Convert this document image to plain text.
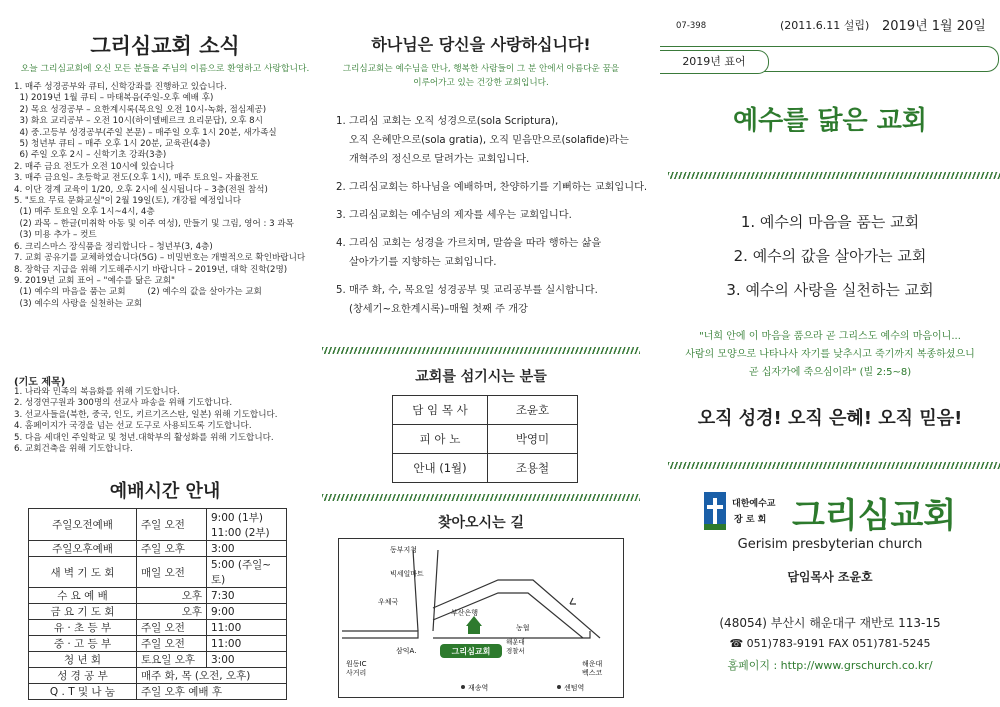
그리심교회 소식
오늘 그리심교회에 오신 모든 분들을 주님의 이름으로 환영하고 사랑합니다.
1. 매주 성경공부와 큐티, 신학강좌를 진행하고 있습니다.
1) 2019년 1월 큐티 – 마태복음(주일-오후 예배 후)
2) 목요 성경공부 – 요한계시록(목요일 오전 10시-녹화, 점심제공)
3) 화요 교리공부 – 오전 10시(하이델베르크 요리문답), 오후 8시
4) 중.고등부 성경공부(주일 본문) – 매주일 오후 1시 20분, 새가족실
5) 청년부 큐티 – 매주 오후 1시 20분, 교육관(4층)
6) 주일 오후 2시 – 신학기초 강좌(3층)
2. 매주 금요 전도가 오전 10시에 있습니다
3. 매주 금요일– 초등학교 전도(오후 1시), 매주 토요일– 자율전도
4. 이단 경계 교육이 1/20, 오후 2시에 실시됩니다 – 3층(전원 참석)
5. "토요 무료 문화교실"이 2월 19일(토), 개강될 예정입니다
(1) 매주 토요일 오후 1시~4시, 4층
(2) 과목 – 한글(미취학 아동 및 이주 여성), 만들기 및 그림, 영어 : 3 과목
(3) 미용 추가 – 컷트
6. 크리스마스 장식품을 정리합니다 – 청년부(3, 4층)
7. 교회 공유기를 교체하였습니다(5G) – 비밀번호는 개별적으로 확인바랍니다
8. 장학금 지급을 위해 기도해주시기 바랍니다 – 2019년, 대학 진학(2명)
9. 2019년 교회 표어 – "예수를 닮은 교회"
(1) 예수의 마음을 품는 교회        (2) 예수의 값을 살아가는 교회
(3) 예수의 사랑을 실천하는 교회
(기도 제목)
1. 나라와 민족의 복음화를 위해 기도합니다.
2. 성경연구원과 300명의 선교사 파송을 위해 기도합니다.
3. 선교사들을(북한, 중국, 인도, 키르기즈스탄, 일본) 위해 기도합니다.
4. 홈페이지가 국경을 넘는 선교 도구로 사용되도록 기도합니다.
5. 다음 세대인 주일학교 및 청년.대학부의 활성화를 위해 기도합니다.
6. 교회건축을 위해 기도합니다.
예배시간 안내
주일오전예배	주일 오전	9:00 (1부)
11:00 (2부)
주일오후예배	주일 오후	3:00
새 벽 기 도 회	매일 오전	5:00 (주일~토)
수 요 예 배	오후	7:30
금 요 기 도 회	오후	9:00
유 · 초 등 부	주일 오전	11:00
중 · 고 등 부	주일 오전	11:00
청 년 회	토요일 오후	3:00
성 경 공 부	매주 화, 목 (오전, 오후)	
Q . T 및 나 눔	주일 오후 예배 후	
하나님은 당신을 사랑하십니다!
그리심교회는 예수님을 만나, 행복한 사람들이 그 분 안에서 아름다운 꿈을 이루어가고 있는 건강한 교회입니다.
1. 그리심 교회는 오직 성경으로(sola Scriptura),
오직 은혜만으로(sola gratia), 오직 믿음만으로(solafide)라는
개혁주의 정신으로 달려가는 교회입니다.
2. 그리심교회는 하나님을 예배하며, 찬양하기를 기뻐하는 교회입니다.
3. 그리심교회는 예수님의 제자를 세우는 교회입니다.
4. 그리심 교회는 성경을 가르치며, 말씀을 따라 행하는 삶을
살아가기를 지향하는 교회입니다.
5. 매주 화, 수, 목요일 성경공부 및 교리공부를 실시합니다.
(창세기~요한계시록)–매월 첫째 주 개강
교회를 섬기시는 분들
담 임 목 사	조윤호
피 아 노	박영미
안내 (1월)	조용철
찾아오시는 길
동부지청
빅세일마트
우체국
부산은행
농협
해운대 경찰서
삼익A.	그리심교회
원동IC 사거리
해운대 벡스코
재송역	센텀역
07-398	(2011.6.11 설립) 2019년 1월 20일
2019년 표어
예수를 닮은 교회
1. 예수의 마음을 품는 교회
2. 예수의 값을 살아가는 교회
3. 예수의 사랑을 실천하는 교회
"너희 안에 이 마음을 품으라 곧 그리스도 예수의 마음이니...
사람의 모양으로 나타나사 자기를 낮추시고 죽기까지 복종하셨으니
곧 십자가에 죽으심이라" (빌 2:5~8)
오직 성경! 오직 은혜! 오직 믿음!
대한예수교
장 로 회 그리심교회
Gerisim presbyterian church
담임목사 조윤호
(48054) 부산시 해운대구 재반로 113-15
☎ 051)783-9191 FAX 051)781-5245
홈페이지 : http://www.grschurch.co.kr/
